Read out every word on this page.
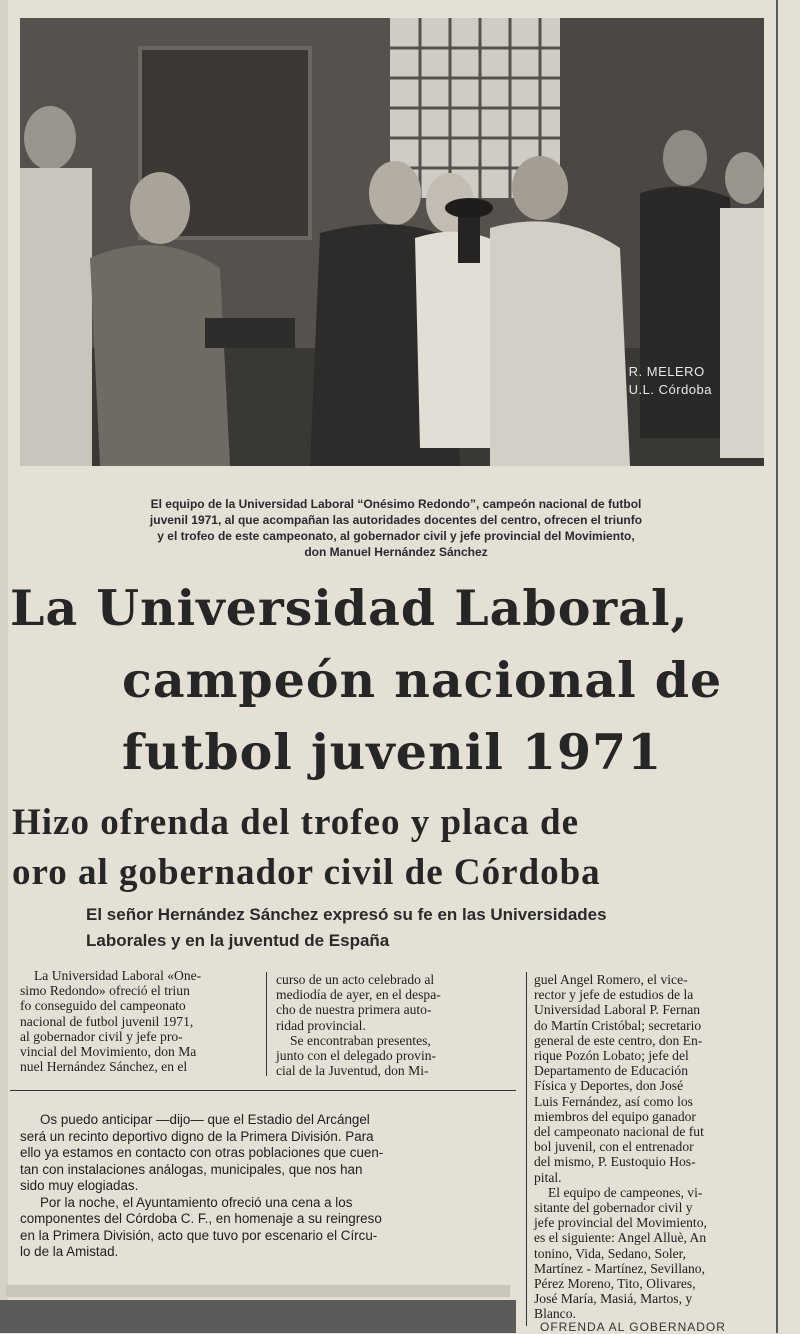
R. MELERO
U.L. Córdoba
El equipo de la Universidad Laboral “Onésimo Redondo”, campeón nacional de futbol
juvenil 1971, al que acompañan las autoridades docentes del centro, ofrecen el triunfo
y el trofeo de este campeonato, al gobernador civil y jefe provincial del Movimiento,
don Manuel Hernández Sánchez
La Universidad Laboral,
campeón nacional de
futbol juvenil 1971
Hizo ofrenda del trofeo y placa de
oro al gobernador civil de Córdoba
El señor Hernández Sánchez expresó su fe en las Universidades
Laborales y en la juventud de España
La Universidad Laboral «One-
simo Redondo» ofreció el triun
fo conseguido del campeonato
nacional de futbol juvenil 1971,
al gobernador civil y jefe pro-
vincial del Movimiento, don Ma
nuel Hernández Sánchez, en el
curso de un acto celebrado al
mediodía de ayer, en el despa-
cho de nuestra primera auto-
ridad provincial.
Se encontraban presentes,
junto con el delegado provin-
cial de la Juventud, don Mi-
guel Angel Romero, el vice-
rector y jefe de estudios de la
Universidad Laboral P. Fernan
do Martín Cristóbal; secretario
general de este centro, don En-
rique Pozón Lobato; jefe del
Departamento de Educación
Física y Deportes, don José
Luis Fernández, así como los
miembros del equipo ganador
del campeonato nacional de fut
bol juvenil, con el entrenador
del mismo, P. Eustoquio Hos-
pital.
El equipo de campeones, vi-
sitante del gobernador civil y
jefe provincial del Movimiento,
es el siguiente: Angel Alluè, An
tonino, Vida, Sedano, Soler,
Martínez - Martínez, Sevillano,
Pérez Moreno, Tito, Olivares,
José María, Masiá, Martos, y
Blanco.
Os puedo anticipar —dijo— que el Estadio del Arcángel
será un recinto deportivo digno de la Primera División. Para
ello ya estamos en contacto con otras poblaciones que cuen-
tan con instalaciones análogas, municipales, que nos han
sido muy elogiadas.
Por la noche, el Ayuntamiento ofreció una cena a los
componentes del Córdoba C. F., en homenaje a su reingreso
en la Primera División, acto que tuvo por escenario el Círcu-
lo de la Amistad.
OFRENDA AL GOBERNADOR
